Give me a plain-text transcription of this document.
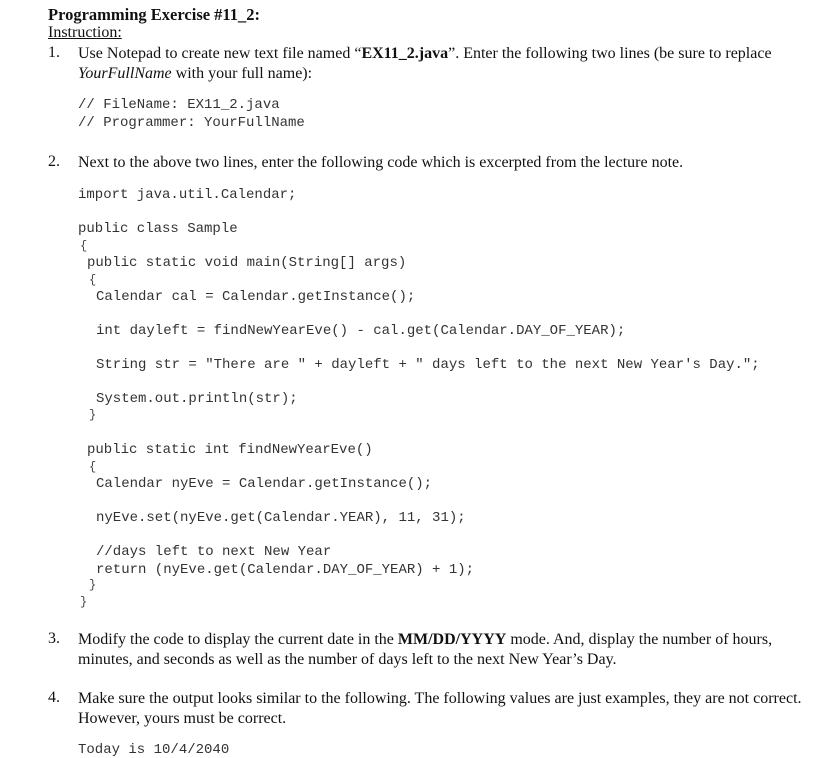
Programming Exercise #11_2:
Instruction:
1.	Use Notepad to create new text file named “EX11_2.java”. Enter the following two lines (be sure to replace
YourFullName with your full name):
// FileName: EX11_2.java
// Programmer: YourFullName
2.	Next to the above two lines, enter the following code which is excerpted from the lecture note.
import java.util.Calendar;
public class Sample
{
public static void main(String[] args)
{
Calendar cal = Calendar.getInstance();
int dayleft = findNewYearEve() - cal.get(Calendar.DAY_OF_YEAR);
String str = "There are " + dayleft + " days left to the next New Year's Day.";
System.out.println(str);
}
public static int findNewYearEve()
{
Calendar nyEve = Calendar.getInstance();
nyEve.set(nyEve.get(Calendar.YEAR), 11, 31);
//days left to next New Year
return (nyEve.get(Calendar.DAY_OF_YEAR) + 1);
}
}
3.	Modify the code to display the current date in the MM/DD/YYYY mode. And, display the number of hours, minutes, and seconds as well as the number of days left to the next New Year’s Day.
4.	Make sure the output looks similar to the following. The following values are just examples, they are not correct. However, yours must be correct.
Today is 10/4/2040
